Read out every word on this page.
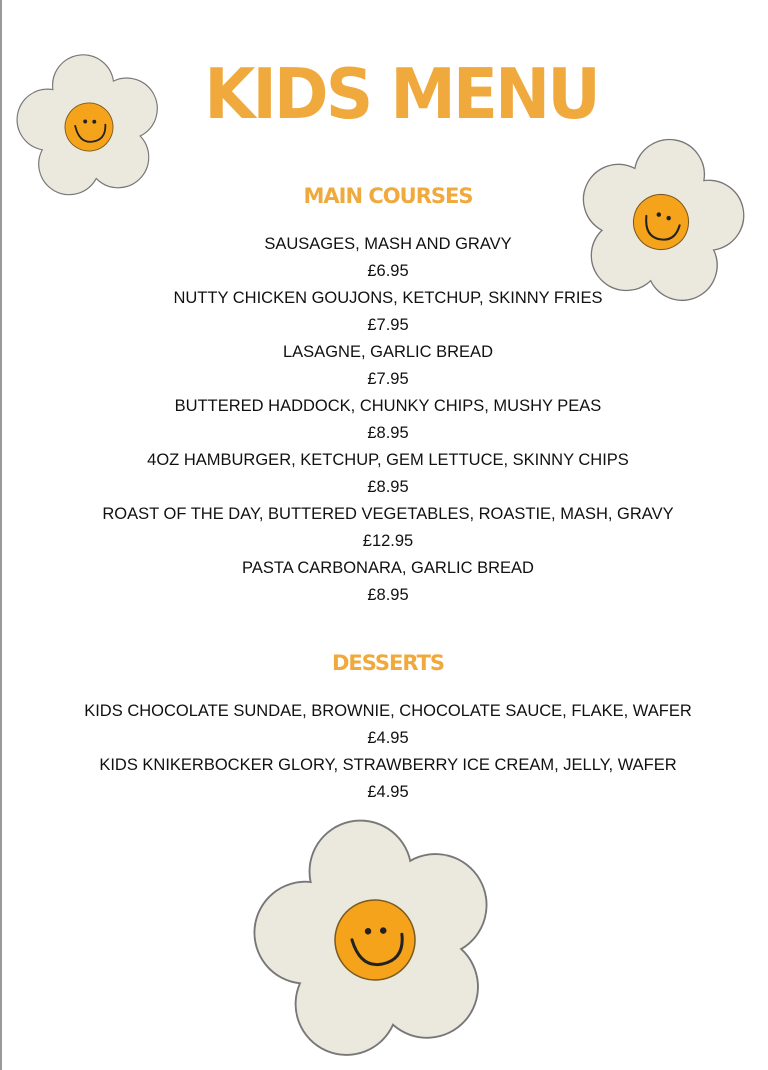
KIDS MENU
MAIN COURSES
SAUSAGES, MASH AND GRAVY
£6.95
NUTTY CHICKEN GOUJONS, KETCHUP, SKINNY FRIES
£7.95
LASAGNE, GARLIC BREAD
£7.95
BUTTERED HADDOCK, CHUNKY CHIPS, MUSHY PEAS
£8.95
4OZ HAMBURGER, KETCHUP, GEM LETTUCE, SKINNY CHIPS
£8.95
ROAST OF THE DAY, BUTTERED VEGETABLES, ROASTIE, MASH, GRAVY
£12.95
PASTA CARBONARA, GARLIC BREAD
£8.95
DESSERTS
KIDS CHOCOLATE SUNDAE, BROWNIE, CHOCOLATE SAUCE, FLAKE, WAFER
£4.95
KIDS KNIKERBOCKER GLORY, STRAWBERRY ICE CREAM, JELLY, WAFER
£4.95
